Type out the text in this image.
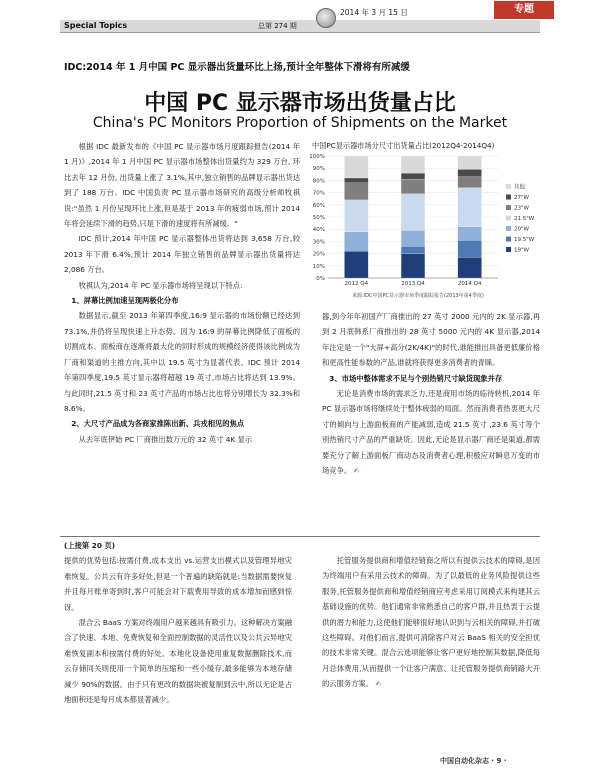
Special Topics	总第 274 期
2014 年 3 月 15 日	专题
IDC:2014 年 1 月中国 PC 显示器出货量环比上扬,预计全年整体下滑将有所减缓
中国 PC 显示器市场出货量占比
China's PC Monitors Proportion of Shipments on the Market

根据 IDC 最新发布的《中国 PC 显示器市场月度跟踪报告(2014 年 1 月)》,2014 年 1 月中国 PC 显示器市场整体出货量约为 329 万台, 环比去年 12 月份, 出货量上涨了 3.1%,其中,独立销售的品牌显示器出货达到了 188 万台。IDC 中国负责 PC 显示器市场研究的高级分析师牧祺说:"虽然 1 月份呈现环比上涨,但是基于 2013 年的疲弱市场,预计 2014 年将会延续下滑的趋势,只是下滑的速度将有所减缓。"

IDC 预计,2014 年中国 PC 显示器整体出货将达到 3,658 万台,较 2013 年下滑 6.4%,预计 2014 年独立销售的品牌显示器出货量将达 2,086 万台。

牧祺认为,2014 年 PC 显示器市场将呈现以下特点:

1、屏幕比例加速呈现两极化分布

数据显示,截至 2013 年第四季度,16:9 显示器的市场份额已经达到 73.1%,并仍将呈现快速上升态势。因为 16:9 的屏幕比例降低了面板的切割成本、面板商在逐渐将最大化的同时形成的规模经济使得该比例成为厂商和渠道的主推方向,其中以 19.5 英寸为显著代表。IDC 预计 2014 年第四季度,19.5 英寸显示器将超越 19 英寸,市场占比将达到 13.9%。与此同时,21.5 英寸和 23 英寸产品的市场占比也将分别增长为 32.3%和 8.6%。

2、大尺寸产品成为各商家推陈出新、兵戎相见的焦点

从去年底伊始 PC 厂商推出数万元的 32 英寸 4K 显示

中国PC显示器市场分尺寸出货量占比(2012Q4-2014Q4)
100%
90%
80%
70%
60%
50%
40%
30%
20%
10%
0%
2012 Q4	2013 Q4	2014 Q4
其他
27"W
23"W
21.5"W
20"W
19.5"W
19"W
来源:IDC中国PC显示器市场季度跟踪报告(2013年第4季度)

器,到今年年初国产厂商推出的 27 英寸 2000 元内的 2K 显示器,再到 2 月底韩系厂商推出的 28 英寸 5000 元内的 4K 显示器,2014 年注定是一个"大屏+高分(2K/4K)"的时代,谁能推出具备更低廉价格和更高性能参数的产品,谁就将获得更多消费者的青睐。

3、市场中整体需求不足与个别热销尺寸缺货现象并存

无论是消费市场的需求乏力,还是商用市场的临待转机,2014 年 PC 显示器市场将继续处于整体疲弱的局面。然而消费者热衷更大尺寸的倾向与上游面板商的产能减弱,造成 21.5 英寸 ,23.6 英寸等个别热销尺寸产品的严重缺货。因此,无论是显示器厂商还是渠道,都需要充分了解上游面板厂商动态及消费者心理,积极应对瞬息万变的市场竞争。 ✍

(上接第 20 页)

提供的优势包括:按需付费,成本支出 vs.运营支出模式以及管理异地灾难恢复。公共云有许多好处,但是一个普遍的缺陷就是:当数据需要恢复并且每月账单寄到时,客户可能会对下载费用导致的成本增加而感到惊讶。

混合云 BaaS 方案对终端用户越来越具有吸引力。这种解决方案融合了快速、本地、免费恢复和全面控制数据的灵活性以及公共云异地灾难恢复副本和按需付费的好处。本地化设备使用重复数据删除技术,而云存储同关则使用一个简单的压缩和一些小缓存,最多能够为本地存储减少 90%的数据。由于只有更改的数据块被复制到云中,所以无论是占地面积还是每月成本都显著减少。

托管服务提供商和增值经销商之所以有提供云技术的障碍,是因为终端用户有采用云技术的障碍。为了以最低的业务风险提供这些服务,托管服务提供商和增值经销商应考虑采用订阅模式来构建其云基础设施的优势。他们通常非常熟悉自己的客户群,并且热衷于云提供的潜力和能力,这使他们能够很好地认识到与云相关的障碍,并打破这些障碍。对他们而言,提供可消除客户对云 BaaS 相关的安全担忧的技术非常关键。混合云选项能够让客户更好地控制其数据,降低每月总体费用,从而提供一个让客户满意、让托管服务提供商销路大开的云服务方案。 ✍

中国自动化杂志 · 9 ·
